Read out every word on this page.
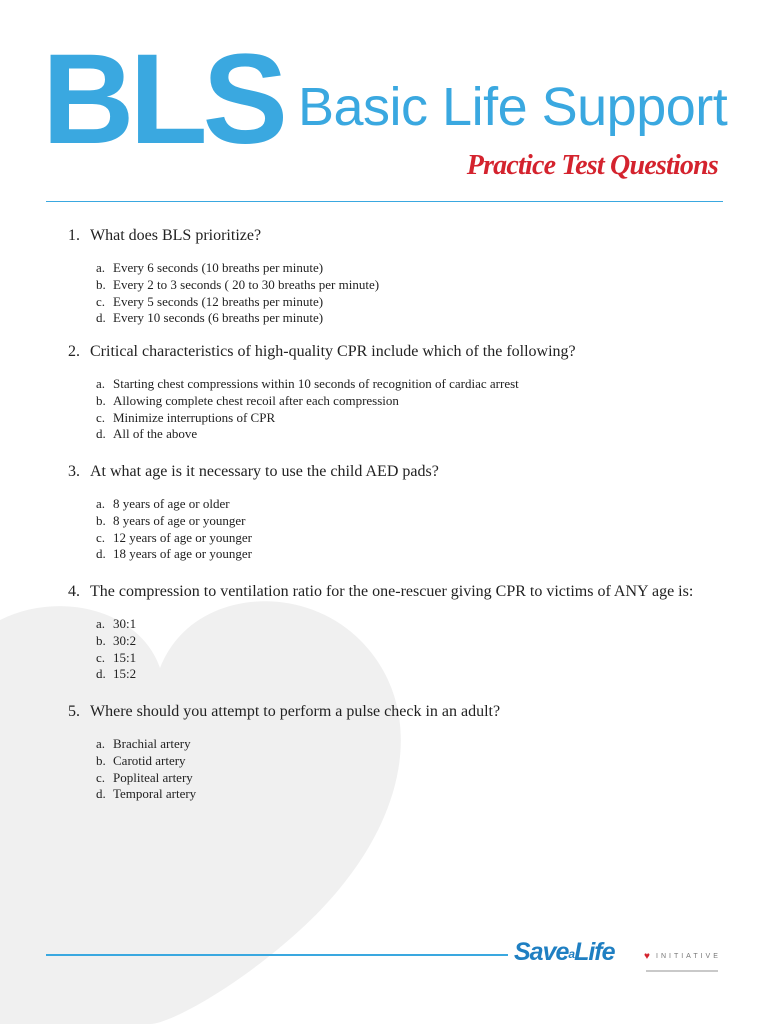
BLS Basic Life Support
Practice Test Questions
1. What does BLS prioritize?
a. Every 6 seconds (10 breaths per minute)
b. Every 2 to 3 seconds ( 20 to 30 breaths per minute)
c. Every 5 seconds (12 breaths per minute)
d. Every 10 seconds (6 breaths per minute)
2. Critical characteristics of high-quality CPR include which of the following?
a. Starting chest compressions within 10 seconds of recognition of cardiac arrest
b. Allowing complete chest recoil after each compression
c. Minimize interruptions of CPR
d. All of the above
3. At what age is it necessary to use the child AED pads?
a. 8 years of age or older
b. 8 years of age or younger
c. 12 years of age or younger
d. 18 years of age or younger
4. The compression to ventilation ratio for the one-rescuer giving CPR to victims of ANY age is:
a. 30:1
b. 30:2
c. 15:1
d. 15:2
5. Where should you attempt to perform a pulse check in an adult?
a. Brachial artery
b. Carotid artery
c. Popliteal artery
d. Temporal artery
SaveaLife	♥ INITIATIVE
